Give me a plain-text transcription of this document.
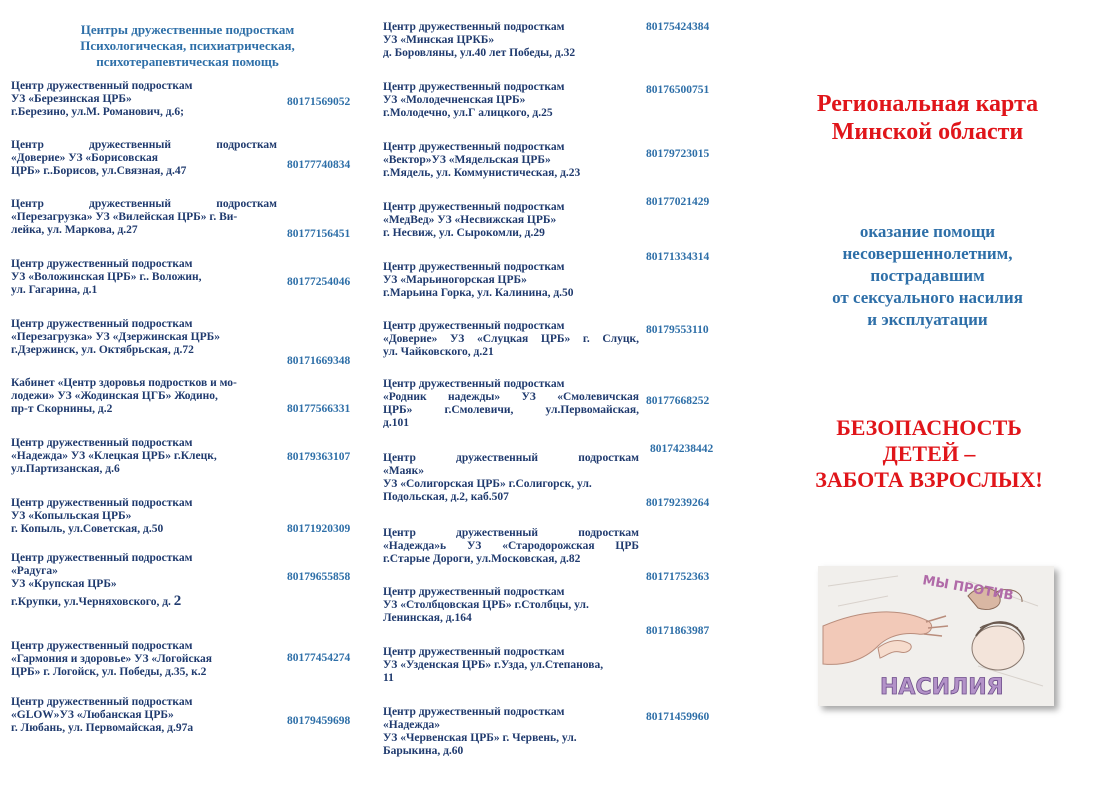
Центры дружественные подросткам
Психологическая, психиатрическая,
психотерапевтическая помощь
Центр дружественный подросткам
УЗ «Березинская ЦРБ»
г.Березино, ул.М. Романович, д.6;
80171569052
Центр дружественный подросткам
«Доверие» УЗ «Борисовская
ЦРБ» г..Борисов, ул.Связная, д.47	80177740834
Центр дружественный подросткам
«Перезагрузка» УЗ «Вилейская ЦРБ» г. Ви-
лейка, ул. Маркова, д.27	80177156451
Центр дружественный подросткам
УЗ «Воложинская ЦРБ» г.. Воложин,
ул. Гагарина, д.1
80177254046
Центр дружественный подросткам
«Перезагрузка» УЗ «Дзержинская ЦРБ»
г.Дзержинск, ул. Октябрьская, д.72
80171669348
Кабинет «Центр здоровья подростков и мо-
лодежи» УЗ «Жодинская ЦГБ» Жодино,
пр-т Скорнины, д.2	80177566331
Центр дружественный подросткам
«Надежда» УЗ «Клецкая ЦРБ» г.Клецк,
ул.Партизанская, д.6
80179363107
Центр дружественный подросткам
УЗ «Копыльская ЦРБ»
г. Копыль, ул.Советская, д.50	80171920309
Центр дружественный подросткам
«Радуга»
УЗ «Крупская ЦРБ»
г.Крупки, ул.Черняховского, д. 2
80179655858
Центр дружественный подросткам
«Гармония и здоровье» УЗ «Логойская
ЦРБ» г. Логойск, ул. Победы, д.35, к.2
80177454274
Центр дружественный подросткам
«GLOW»УЗ «Любанская ЦРБ»
г. Любань, ул. Первомайская, д.97а
80179459698
Центр дружественный подросткам
УЗ «Минская ЦРКБ»
д. Боровляны, ул.40 лет Победы, д.32
80175424384
Центр дружественный подросткам
УЗ «Молодечненская ЦРБ»
г.Молодечно, ул.Г алицкого, д.25
80176500751
Центр дружественный подросткам
«Вектор»УЗ «Мядельская ЦРБ»
г.Мядель, ул. Коммунистическая, д.23
80179723015
Центр дружественный подросткам
«МедВед» УЗ «Несвижская ЦРБ»
г. Несвиж, ул. Сырокомли, д.29
80177021429
Центр дружественный подросткам
УЗ «Марьиногорская ЦРБ»
г.Марьина Горка, ул. Калинина, д.50
80171334314
Центр дружественный подросткам
«Доверие» УЗ «Слуцкая ЦРБ» г. Слуцк,
ул. Чайковского, д.21
80179553110
Центр дружественный подросткам
«Родник надежды» УЗ «Смолевичская
ЦРБ» г.Смолевичи, ул.Первомайская,
д.101
80177668252
Центр дружественный подросткам
«Маяк»
УЗ «Солигорская ЦРБ» г.Солигорск, ул.
Подольская, д.2, каб.507
80174238442
Центр дружественный подросткам
«Надежда»ь УЗ «Стародорожская ЦРБ
г.Старые Дороги, ул.Московская, д.82
80179239264
Центр дружественный подросткам
УЗ «Столбцовская ЦРБ» г.Столбцы, ул.
Ленинская, д.164
80171752363
Центр дружественный подросткам
УЗ «Узденская ЦРБ» г.Узда, ул.Степанова,
11
80171863987
Центр дружественный подросткам
«Надежда»
УЗ «Червенская ЦРБ» г. Червень, ул.
Барыкина, д.60
80171459960
Региональная карта
Минской области
оказание помощи
несовершеннолетним,
пострадавшим
от сексуального насилия
и эксплуатации
БЕЗОПАСНОСТЬ
ДЕТЕЙ –
ЗАБОТА ВЗРОСЛЫХ!
МЫ ПРОТИВ
НАСИЛИЯ
